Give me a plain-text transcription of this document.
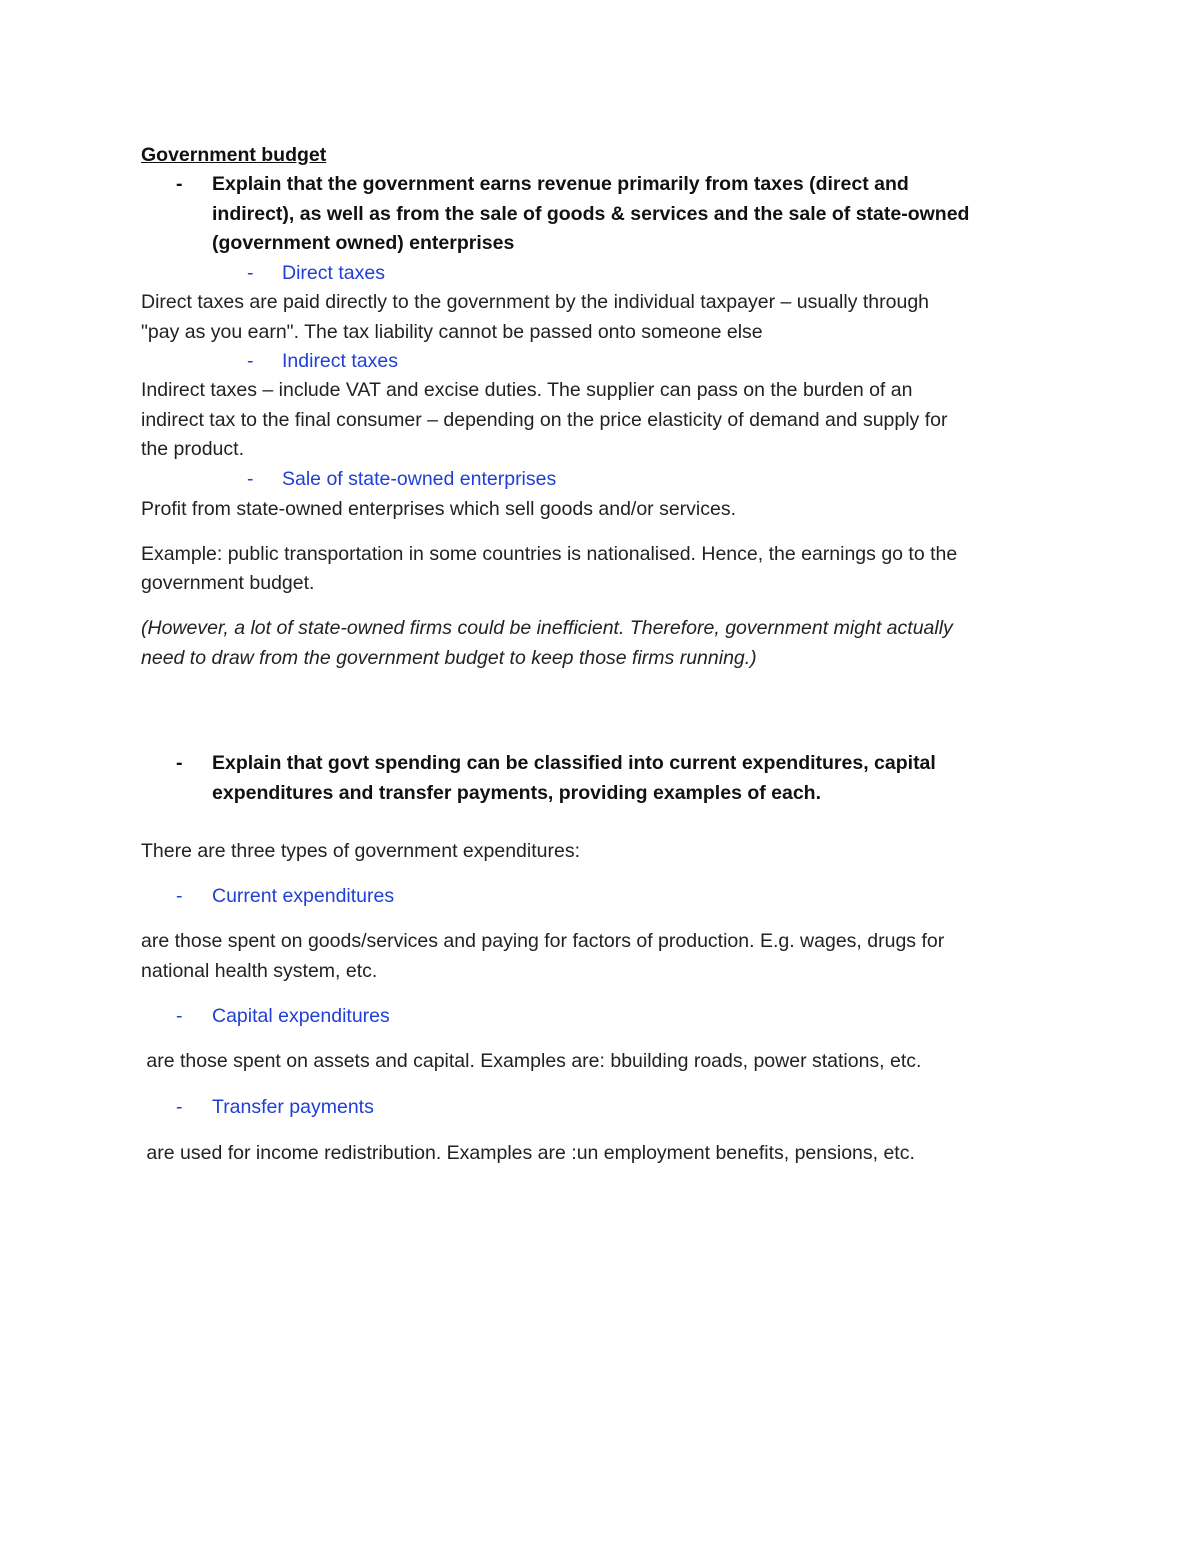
Government budget
- Explain that the government earns revenue primarily from taxes (direct and
indirect), as well as from the sale of goods & services and the sale of state-owned
(government owned) enterprises
- Direct taxes
Direct taxes are paid directly to the government by the individual taxpayer – usually through
"pay as you earn". The tax liability cannot be passed onto someone else
- Indirect taxes
Indirect taxes – include VAT and excise duties. The supplier can pass on the burden of an
indirect tax to the final consumer – depending on the price elasticity of demand and supply for
the product.
- Sale of state-owned enterprises
Profit from state-owned enterprises which sell goods and/or services.
Example: public transportation in some countries is nationalised. Hence, the earnings go to the
government budget.
(However, a lot of state-owned firms could be inefficient. Therefore, government might actually
need to draw from the government budget to keep those firms running.)
- Explain that govt spending can be classified into current expenditures, capital
expenditures and transfer payments, providing examples of each.
There are three types of government expenditures:
- Current expenditures
are those spent on goods/services and paying for factors of production. E.g. wages, drugs for
national health system, etc.
- Capital expenditures
are those spent on assets and capital. Examples are: bbuilding roads, power stations, etc.
- Transfer payments
are used for income redistribution. Examples are :un employment benefits, pensions, etc.
